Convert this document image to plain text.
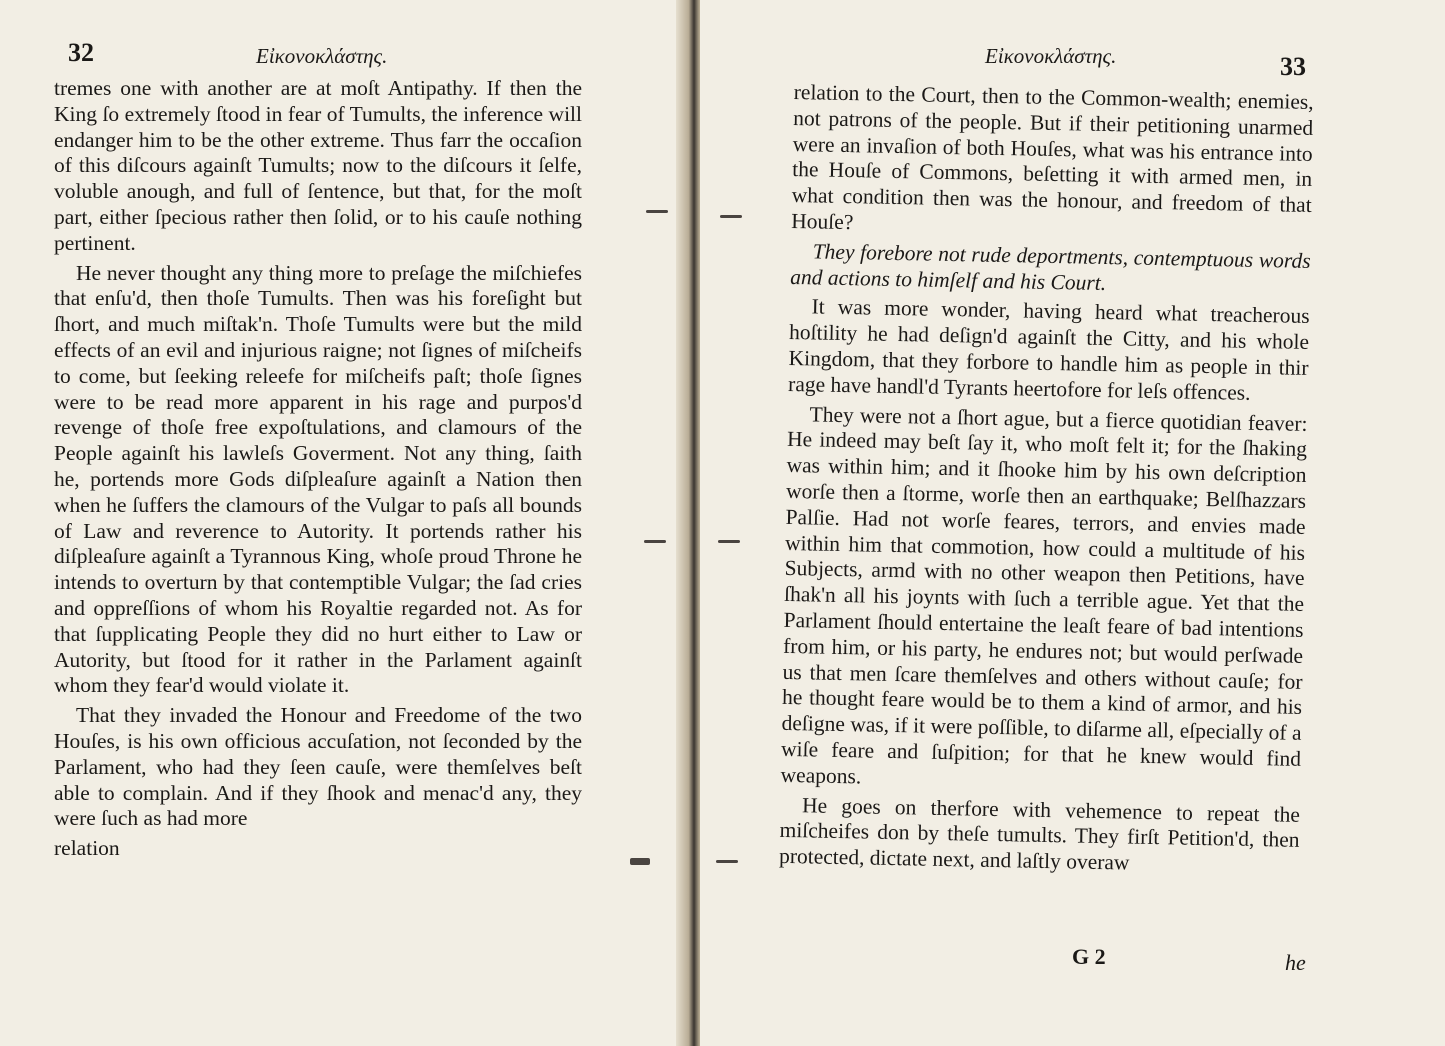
32	Εἰκονοκλάστης.

tremes one with another are at moſt Antipathy. If then the King ſo extremely ſtood in fear of Tumults, the inference will endanger him to be the other extreme. Thus farr the occaſion of this diſcours againſt Tumults; now to the diſcours it ſelfe, voluble anough, and full of ſentence, but that, for the moſt part, either ſpecious rather then ſolid, or to his cauſe nothing pertinent.

He never thought any thing more to preſage the miſchiefes that enſu'd, then thoſe Tumults. Then was his foreſight but ſhort, and much miſtak'n. Thoſe Tumults were but the mild effects of an evil and injurious raigne; not ſignes of miſcheifs to come, but ſeeking releefe for miſcheifs paſt; thoſe ſignes were to be read more apparent in his rage and purpos'd revenge of thoſe free expoſtulations, and clamours of the People againſt his lawleſs Goverment. Not any thing, ſaith he, portends more Gods diſpleaſure againſt a Nation then when he ſuffers the clamours of the Vulgar to paſs all bounds of Law and reverence to Autority. It portends rather his diſpleaſure againſt a Tyrannous King, whoſe proud Throne he intends to overturn by that contemptible Vulgar; the ſad cries and oppreſſions of whom his Royaltie regarded not. As for that ſupplicating People they did no hurt either to Law or Autority, but ſtood for it rather in the Parlament againſt whom they fear'd would violate it.

That they invaded the Honour and Freedome of the two Houſes, is his own officious accuſation, not ſeconded by the Parlament, who had they ſeen cauſe, were themſelves beſt able to complain. And if they ſhook and menac'd any, they were ſuch as had more

relation

Εἰκονοκλάστης.	33

relation to the Court, then to the Common-wealth; enemies, not patrons of the people. But if their petitioning unarmed were an invaſion of both Houſes, what was his entrance into the Houſe of Commons, beſetting it with armed men, in what condition then was the honour, and freedom of that Houſe?

They forebore not rude deportments, contemptuous words and actions to himſelf and his Court.

It was more wonder, having heard what treacherous hoſtility he had deſign'd againſt the Citty, and his whole Kingdom, that they forbore to handle him as people in thir rage have handl'd Tyrants heertofore for leſs offences.

They were not a ſhort ague, but a fierce quotidian feaver: He indeed may beſt ſay it, who moſt felt it; for the ſhaking was within him; and it ſhooke him by his own deſcription worſe then a ſtorme, worſe then an earthquake; Belſhazzars Palſie. Had not worſe feares, terrors, and envies made within him that commotion, how could a multitude of his Subjects, armd with no other weapon then Petitions, have ſhak'n all his joynts with ſuch a terrible ague. Yet that the Parlament ſhould entertaine the leaſt feare of bad intentions from him, or his party, he endures not; but would perſwade us that men ſcare themſelves and others without cauſe; for he thought feare would be to them a kind of armor, and his deſigne was, if it were poſſible, to diſarme all, eſpecially of a wiſe feare and ſuſpition; for that he knew would find weapons.

He goes on therfore with vehemence to repeat the miſcheifes don by theſe tumults. They firſt Petition'd, then protected, dictate next, and laſtly overaw

G 2	he
